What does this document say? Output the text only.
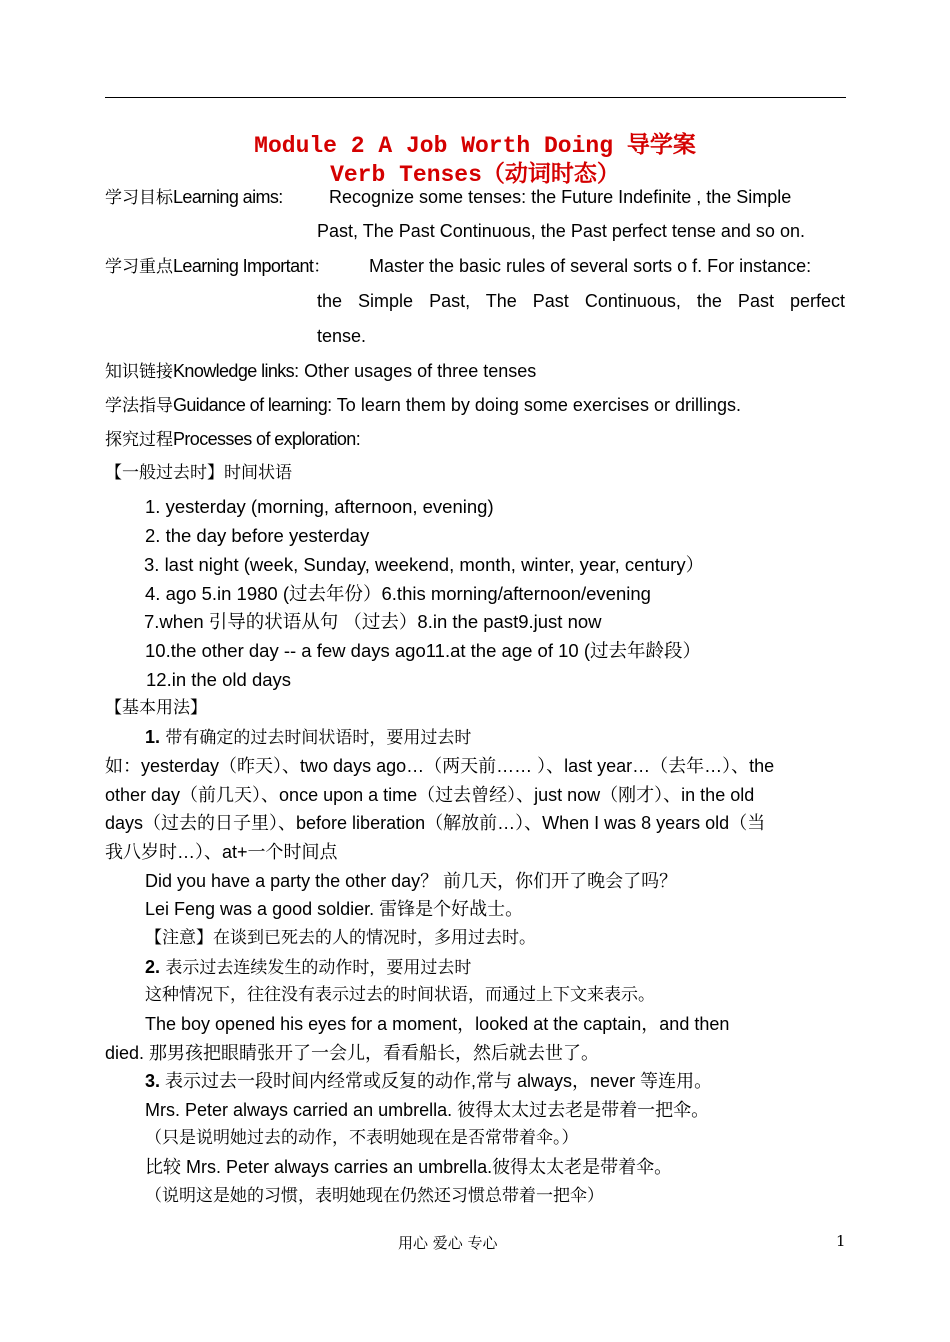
Module 2 A Job Worth Doing 导学案
Verb Tenses（动词时态）
学习目标Learning aims:	Recognize some tenses: the Future Indefinite , the Simple
Past, The Past Continuous, the Past perfect tense and so on.
学习重点Learning Important： Master the basic rules of several sorts o f. For instance:
the Simple Past, The Past Continuous, the Past perfect
tense.
知识链接Knowledge links: Other usages of three tenses
学法指导Guidance of learning: To learn them by doing some exercises or drillings.
探究过程Processes of exploration:
【一般过去时】时间状语
1. yesterday (morning, afternoon, evening)
2. the day before yesterday
3. last night (week, Sunday, weekend, month, winter, year, century）
4. ago 5.in 1980 (过去年份）6.this morning/afternoon/evening
7.when 引导的状语从句 （过去）8.in the past9.just now
10.the other day -- a few days ago11.at the age of 10 (过去年龄段）
12.in the old days
【基本用法】
1. 带有确定的过去时间状语时，要用过去时
如：yesterday（昨天）、two days ago…（两天前…… ）、last year…（去年…）、the
other day（前几天）、once upon a time（过去曾经）、just now（刚才）、in the old
days（过去的日子里）、before liberation（解放前…）、When I was 8 years old（当
我八岁时…）、at+一个时间点
Did you have a party the other day？ 前几天，你们开了晚会了吗？
Lei Feng was a good soldier. 雷锋是个好战士。
【注意】在谈到已死去的人的情况时，多用过去时。
2. 表示过去连续发生的动作时，要用过去时
这种情况下，往往没有表示过去的时间状语，而通过上下文来表示。
The boy opened his eyes for a moment，looked at the captain，and then
died. 那男孩把眼睛张开了一会儿，看看船长，然后就去世了。
3. 表示过去一段时间内经常或反复的动作,常与 always，never 等连用。
Mrs. Peter always carried an umbrella. 彼得太太过去老是带着一把伞。
（只是说明她过去的动作，不表明她现在是否常带着伞。）
比较 Mrs. Peter always carries an umbrella.彼得太太老是带着伞。
（说明这是她的习惯，表明她现在仍然还习惯总带着一把伞）
用心 爱心 专心	1
